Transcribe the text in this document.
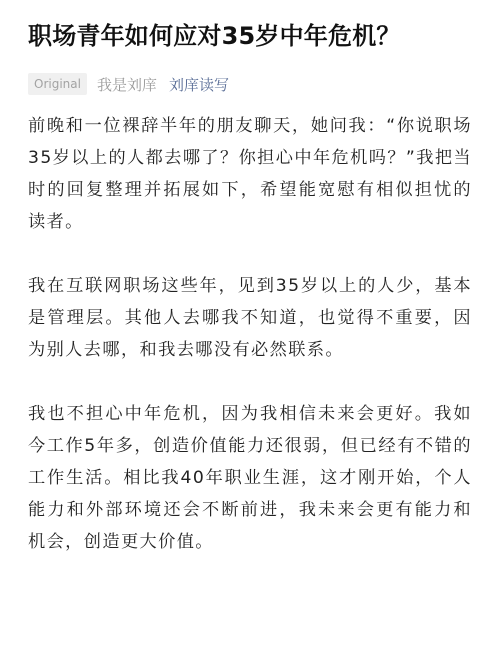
职场青年如何应对35岁中年危机？
Original	我是刘庠 刘庠读写

前晚和一位裸辞半年的朋友聊天，她问我：“你说职场35岁以上的人都去哪了？你担心中年危机吗？”我把当时的回复整理并拓展如下，希望能宽慰有相似担忧的读者。

我在互联网职场这些年，见到35岁以上的人少，基本是管理层。其他人去哪我不知道，也觉得不重要，因为别人去哪，和我去哪没有必然联系。

我也不担心中年危机，因为我相信未来会更好。我如今工作5年多，创造价值能力还很弱，但已经有不错的工作生活。相比我40年职业生涯，这才刚开始，个人能力和外部环境还会不断前进，我未来会更有能力和机会，创造更大价值。
